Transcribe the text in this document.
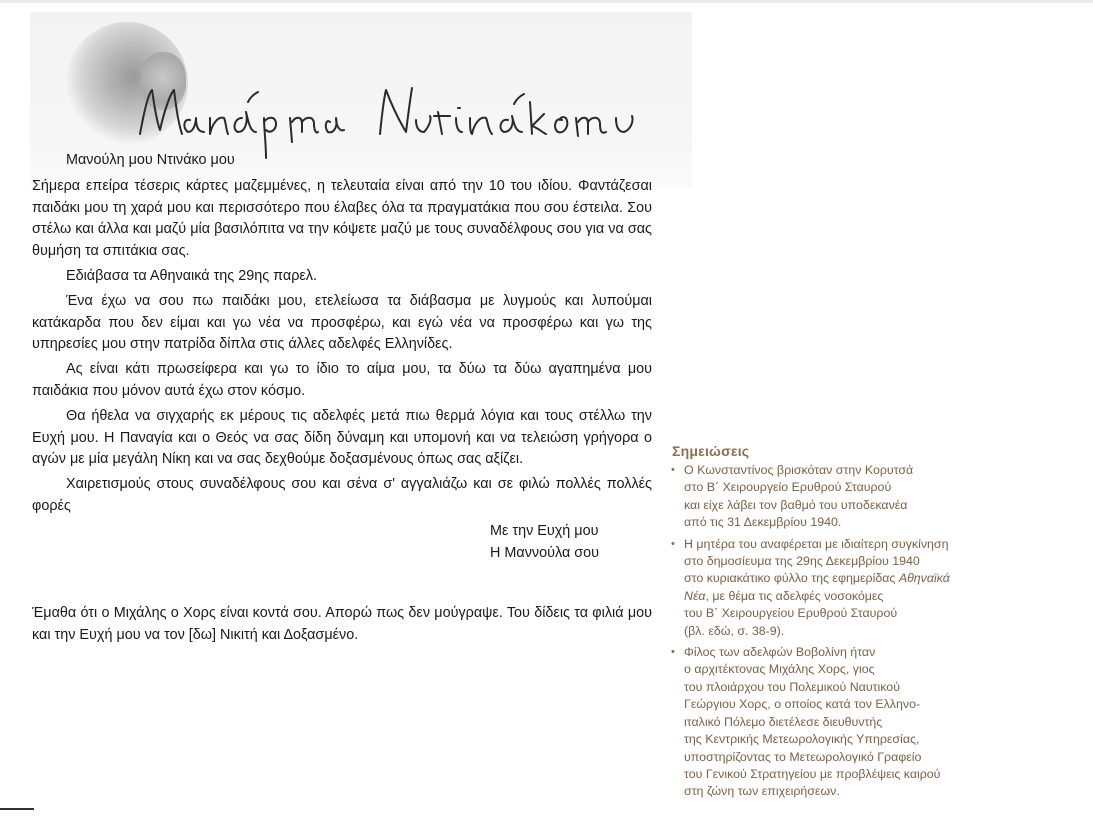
Μανούλη μου Ντινάκο μου

Σήμερα επείρα τέσερις κάρτες μαζεμμένες, η τελευταία είναι από την 10 του ιδίου. Φαντάζεσαι παιδάκι μου τη χαρά μου και περισσότερο που έλαβες όλα τα πραγματάκια που σου έστειλα. Σου στέλω και άλλα και μαζύ μία βασιλόπιτα να την κόψετε μαζύ με τους συναδέλφους σου για να σας θυμήση τα σπιτάκια σας.

Εδιάβασα τα Αθηναικά της 29ης παρελ.

Ένα έχω να σου πω παιδάκι μου, ετελείωσα τα διάβασμα με λυγμούς και λυπούμαι κατάκαρδα που δεν είμαι και γω νέα να προσφέρω, και εγώ νέα να προσφέρω και γω της υπηρεσίες μου στην πατρίδα δίπλα στις άλλες αδελφές Ελληνίδες.

Ας είναι κάτι πρωσείφερα και γω το ίδιο το αίμα μου, τα δύω τα δύω αγαπημένα μου παιδάκια που μόνον αυτά έχω στον κόσμο.

Θα ήθελα να σιγχαρής εκ μέρους τις αδελφές μετά πιω θερμά λόγια και τους στέλλω την Ευχή μου. Η Παναγία και ο Θεός να σας δίδη δύναμη και υπομονή και να τελειώση γρήγορα ο αγών με μία μεγάλη Νίκη και να σας δεχθούμε δοξασμένους όπως σας αξίζει.

Χαιρετισμούς στους συναδέλφους σου και σένα σ' αγγαλιάζω και σε φιλώ πολλές πολλές φορές

Με την Ευχή μου

Η Μαννούλα σου

Έμαθα ότι ο Μιχάλης ο Χορς είναι κοντά σου. Απορώ πως δεν μούγραψε. Του δίδεις τα φιλιά μου και την Ευχή μου να τον [δω] Νικιτή και Δοξασμένο.

Σημειώσεις

• Ο Κωνσταντίνος βρισκόταν στην Κορυτσά
στο Β΄ Χειρουργείο Ερυθρού Σταυρού
και είχε λάβει τον βαθμό του υποδεκανέα
από τις 31 Δεκεμβρίου 1940.
• Η μητέρα του αναφέρεται με ιδιαίτερη συγκίνηση
στο δημοσίευμα της 29ης Δεκεμβρίου 1940
στο κυριακάτικο φύλλο της εφημερίδας Αθηναϊκά
Νέα, με θέμα τις αδελφές νοσοκόμες
του Β΄ Χειρουργείου Ερυθρού Σταυρού
(βλ. εδώ, σ. 38-9).
• Φίλος των αδελφών Βοβολίνη ήταν
ο αρχιτέκτονας Μιχάλης Χορς, γιος
του πλοιάρχου του Πολεμικού Ναυτικού
Γεώργιου Χορς, ο οποίος κατά τον Ελληνο-
ιταλικό Πόλεμο διετέλεσε διευθυντής
της Κεντρικής Μετεωρολογικής Υπηρεσίας,
υποστηρίζοντας το Μετεωρολογικό Γραφείο
του Γενικού Στρατηγείου με προβλέψεις καιρού
στη ζώνη των επιχειρήσεων.
